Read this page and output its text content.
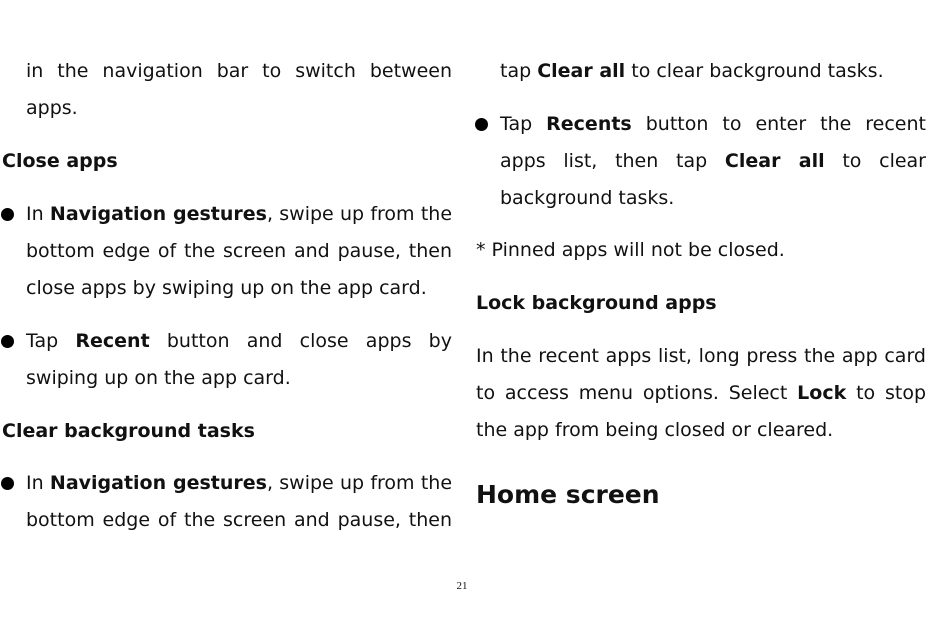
in the navigation bar to switch between apps.
Close apps
In Navigation gestures, swipe up from the bottom edge of the screen and pause, then close apps by swiping up on the app card.
Tap Recent button and close apps by swiping up on the app card.
Clear background tasks
In Navigation gestures, swipe up from the bottom edge of the screen and pause, then
tap Clear all to clear background tasks.
Tap Recents button to enter the recent apps list, then tap Clear all to clear background tasks.
* Pinned apps will not be closed.
Lock background apps
In the recent apps list, long press the app card to access menu options. Select Lock to stop the app from being closed or cleared.
Home screen
21
